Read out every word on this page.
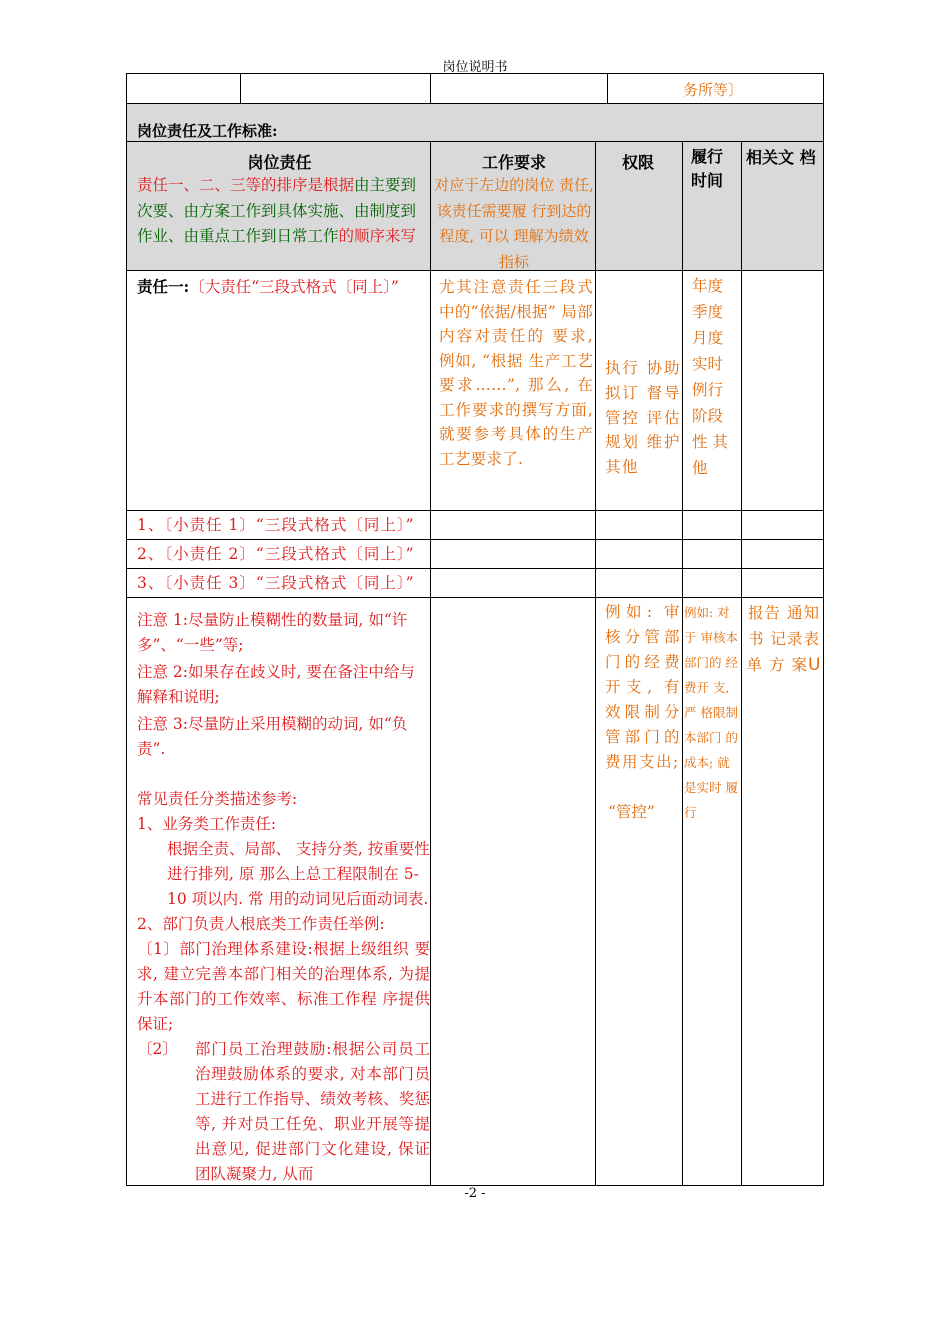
岗位说明书
务所等〕
岗位责任及工作标准:
岗位责任
责任一、二、三等的排序是根据由主要到次要、由方案工作到具体实施、由制度到作业、由重点工作到日常工作的顺序来写
工作要求
对应于左边的岗位 责任, 该责任需要履 行到达的程度, 可以 理解为绩效指标
权限 履行时间
相关文 档
责任一:〔大责任“三段式格式〔同上〕”	尤其注意责任三段式中的“依据/根据” 局部内容对责任的 要求, 例如, “根据 生产工艺要求……”, 那么, 在工作要求的撰写方面, 就要参考具体的生产工艺要求了.
执行 协助 拟订 督导 管控 评估 规划 维护 其他
年度 季度 月度 实时 例行 阶段性 其他
1、〔小责任 1〕“三段式格式〔同上〕”
2、〔小责任 2〕“三段式格式〔同上〕”
3、〔小责任 3〕“三段式格式〔同上〕”

注意 1:尽量防止模糊性的数量词, 如“许多”、“一些”等;

注意 2:如果存在歧义时, 要在备注中给与解释和说明;

注意 3:尽量防止采用模糊的动词, 如“负责”.

常见责任分类描述参考:

1、业务类工作责任:

根据全责、局部、 支持分类, 按重要性进行排列, 原 那么上总工程限制在 5-10 项以内. 常 用的动词见后面动词表.

2、部门负责人根底类工作责任举例:

〔1〕部门治理体系建设:根据上级组织 要求, 建立完善本部门相关的治理体系, 为提升本部门的工作效率、标准工作程 序提供保证;

〔2〕	部门员工治理鼓励:根据公司员工治理鼓励体系的要求, 对本部门员工进行工作指导、绩效考核、奖惩等, 并对员工任免、职业开展等提出意见, 促进部门文化建设, 保证团队凝聚力, 从而

例如: 审核分管部门的经费开支, 有效限制分管部门的费用支出;
“管控”
例如: 对于 审核本 部门的 经费开 支, 严 格限制 本部门 的成本; 就是实时 履行
报告 通知书 记录表 单 方 案U
-2 -
